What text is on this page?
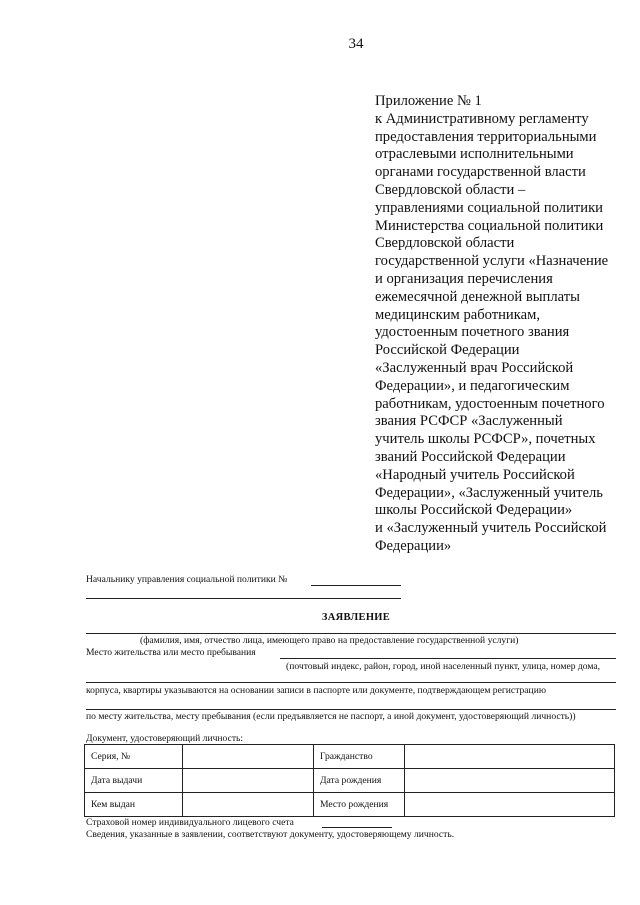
34
Приложение № 1
к Административному регламенту
предоставления территориальными
отраслевыми исполнительными
органами государственной власти
Свердловской области –
управлениями социальной политики
Министерства социальной политики
Свердловской области
государственной услуги «Назначение
и организация перечисления
ежемесячной денежной выплаты
медицинским работникам,
удостоенным почетного звания
Российской Федерации
«Заслуженный врач Российской
Федерации», и педагогическим
работникам, удостоенным почетного
звания РСФСР «Заслуженный
учитель школы РСФСР», почетных
званий Российской Федерации
«Народный учитель Российской
Федерации», «Заслуженный учитель
школы Российской Федерации»
и «Заслуженный учитель Российской
Федерации»
Начальнику управления социальной политики №
ЗАЯВЛЕНИЕ
(фамилия, имя, отчество лица, имеющего право на предоставление государственной услуги)
Место жительства или место пребывания
(почтовый индекс, район, город, иной населенный пункт, улица, номер дома,
корпуса, квартиры указываются на основании записи в паспорте или документе, подтверждающем регистрацию
по месту жительства, месту пребывания (если предъявляется не паспорт, а иной документ, удостоверяющий личность))
Документ, удостоверяющий личность:
Серия, №		Гражданство	
Дата выдачи		Дата рождения	
Кем выдан		Место рождения	
Страховой номер индивидуального лицевого счета
Сведения, указанные в заявлении, соответствуют документу, удостоверяющему личность.
